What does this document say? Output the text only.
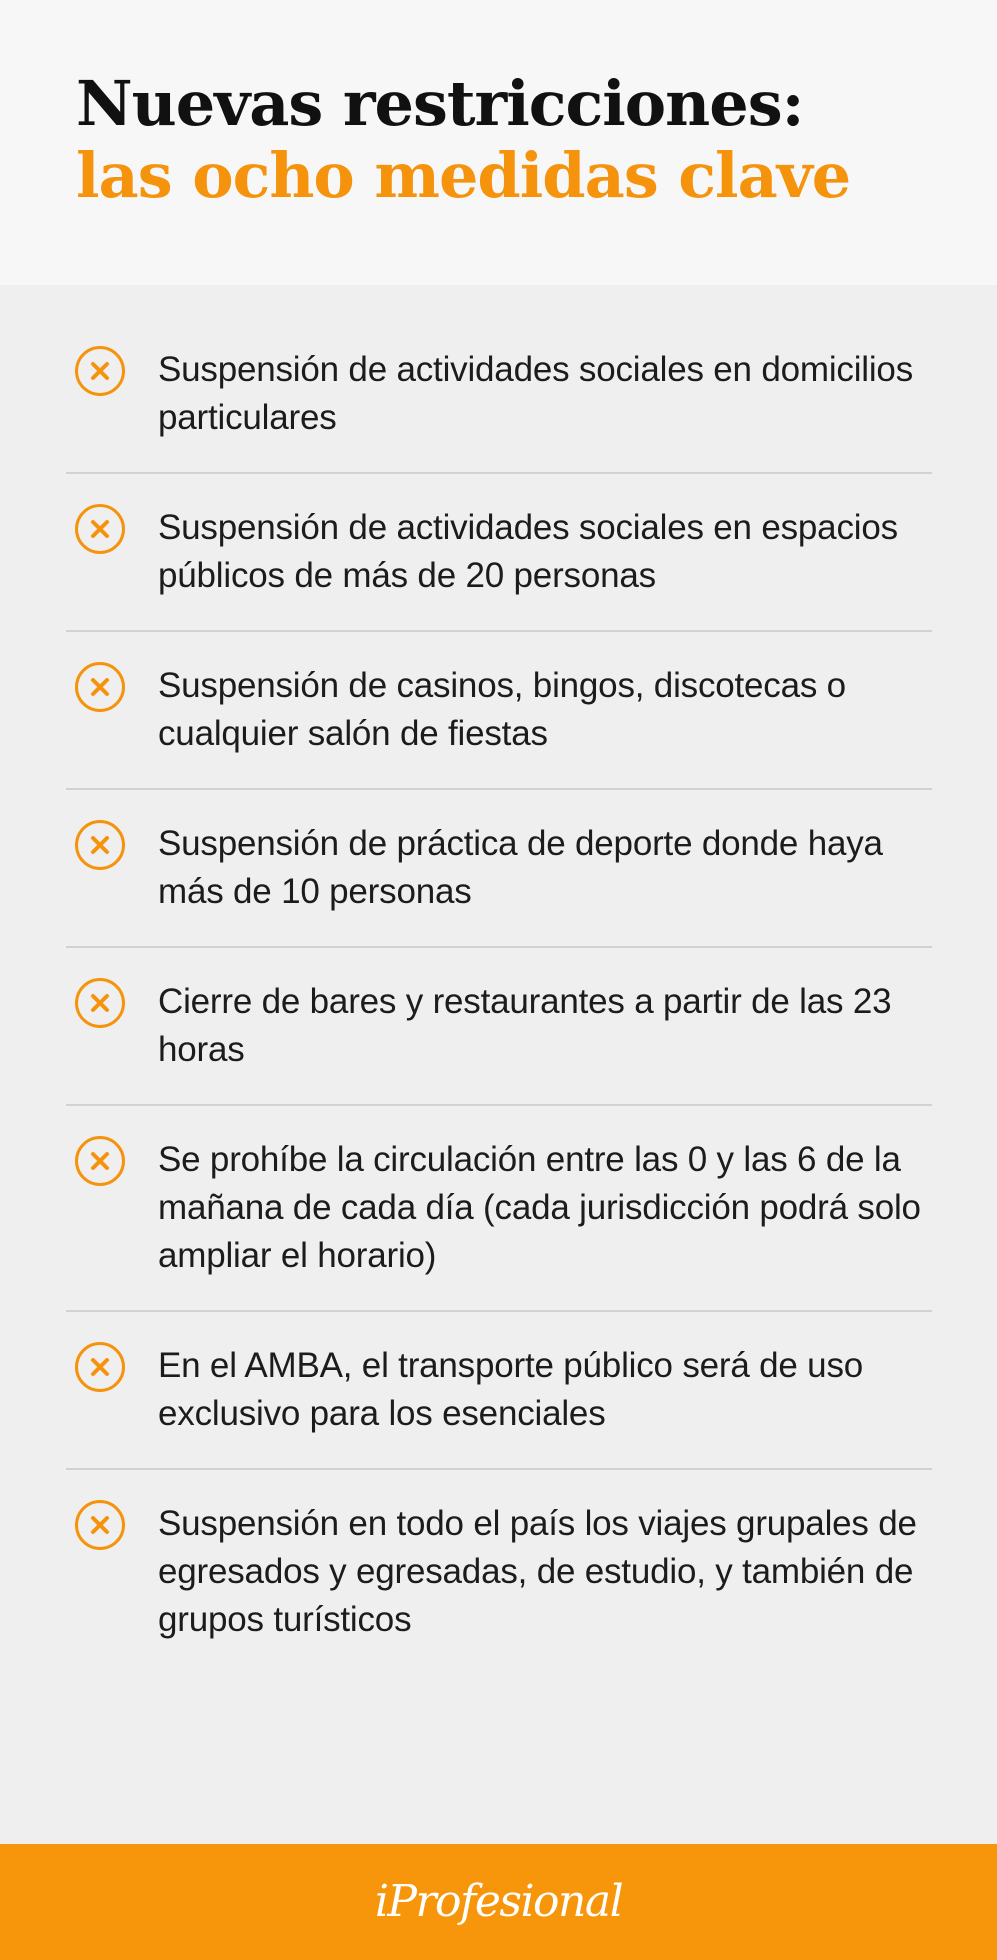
Nuevas restricciones:
las ocho medidas clave
Suspensión de actividades sociales en domicilios particulares
Suspensión de actividades sociales en espacios públicos de más de 20 personas
Suspensión de casinos, bingos, discotecas o cualquier salón de fiestas
Suspensión de práctica de deporte donde haya más de 10 personas
Cierre de bares y restaurantes a partir de las 23 horas
Se prohíbe la circulación entre las 0 y las 6 de la mañana de cada día (cada jurisdicción podrá solo ampliar el horario)
En el AMBA, el transporte público será de uso exclusivo para los esenciales
Suspensión en todo el país los viajes grupales de egresados y egresadas, de estudio, y también de grupos turísticos
iProfesional
